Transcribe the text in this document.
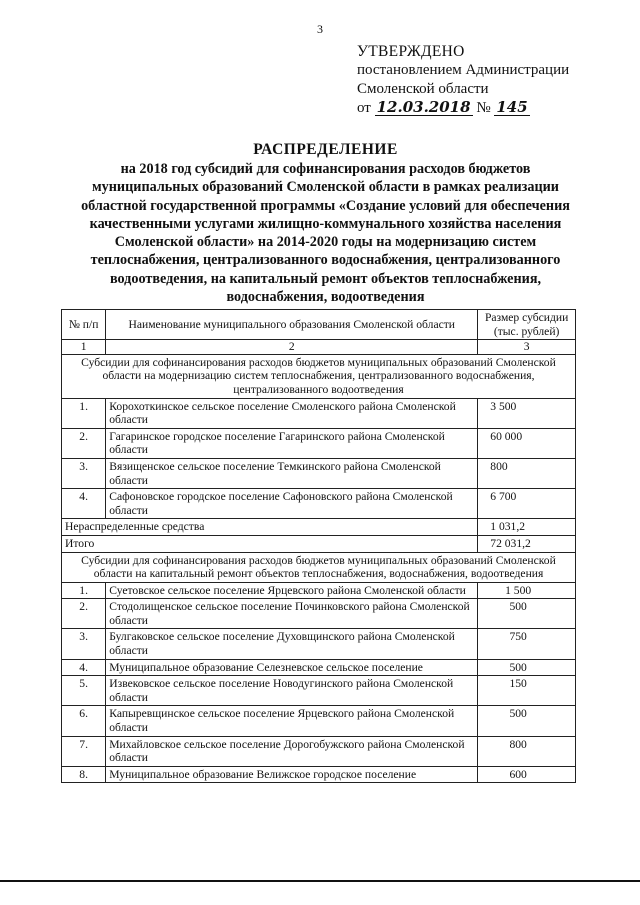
3
УТВЕРЖДЕНО
постановлением Администрации
Смоленской области
от 12.03.2018 № 145
РАСПРЕДЕЛЕНИЕ
на 2018 год субсидий для софинансирования расходов бюджетов муниципальных образований Смоленской области в рамках реализации областной государственной программы «Создание условий для обеспечения качественными услугами жилищно-коммунального хозяйства населения Смоленской области» на 2014-2020 годы на модернизацию систем теплоснабжения, централизованного водоснабжения, централизованного водоотведения, на капитальный ремонт объектов теплоснабжения, водоснабжения, водоотведения
№ п/п	Наименование муниципального образования Смоленской области	Размер субсидии (тыс. рублей)
1	2	3
Субсидии для софинансирования расходов бюджетов муниципальных образований Смоленской области на модернизацию систем теплоснабжения, централизованного водоснабжения, централизованного водоотведения		
1.	Корохоткинское сельское поселение Смоленского района Смоленской области	3 500
2.	Гагаринское городское поселение Гагаринского района Смоленской области	60 000
3.	Вязищенское сельское поселение Темкинского района Смоленской области	800
4.	Сафоновское городское поселение Сафоновского района Смоленской области	6 700
Нераспределенные средства		1 031,2
Итого		72 031,2
Субсидии для софинансирования расходов бюджетов муниципальных образований Смоленской области на капитальный ремонт объектов теплоснабжения, водоснабжения, водоотведения		
1.	Суетовское сельское поселение Ярцевского района Смоленской области	1 500
2.	Стодолищенское сельское поселение Починковского района Смоленской области	500
3.	Булгаковское сельское поселение Духовщинского района Смоленской области	750
4.	Муниципальное образование Селезневское сельское поселение	500
5.	Извековское сельское поселение Новодугинского района Смоленской области	150
6.	Капыревщинское сельское поселение Ярцевского района Смоленской области	500
7.	Михайловское сельское поселение Дорогобужского района Смоленской области	800
8.	Муниципальное образование Велижское городское поселение	600
